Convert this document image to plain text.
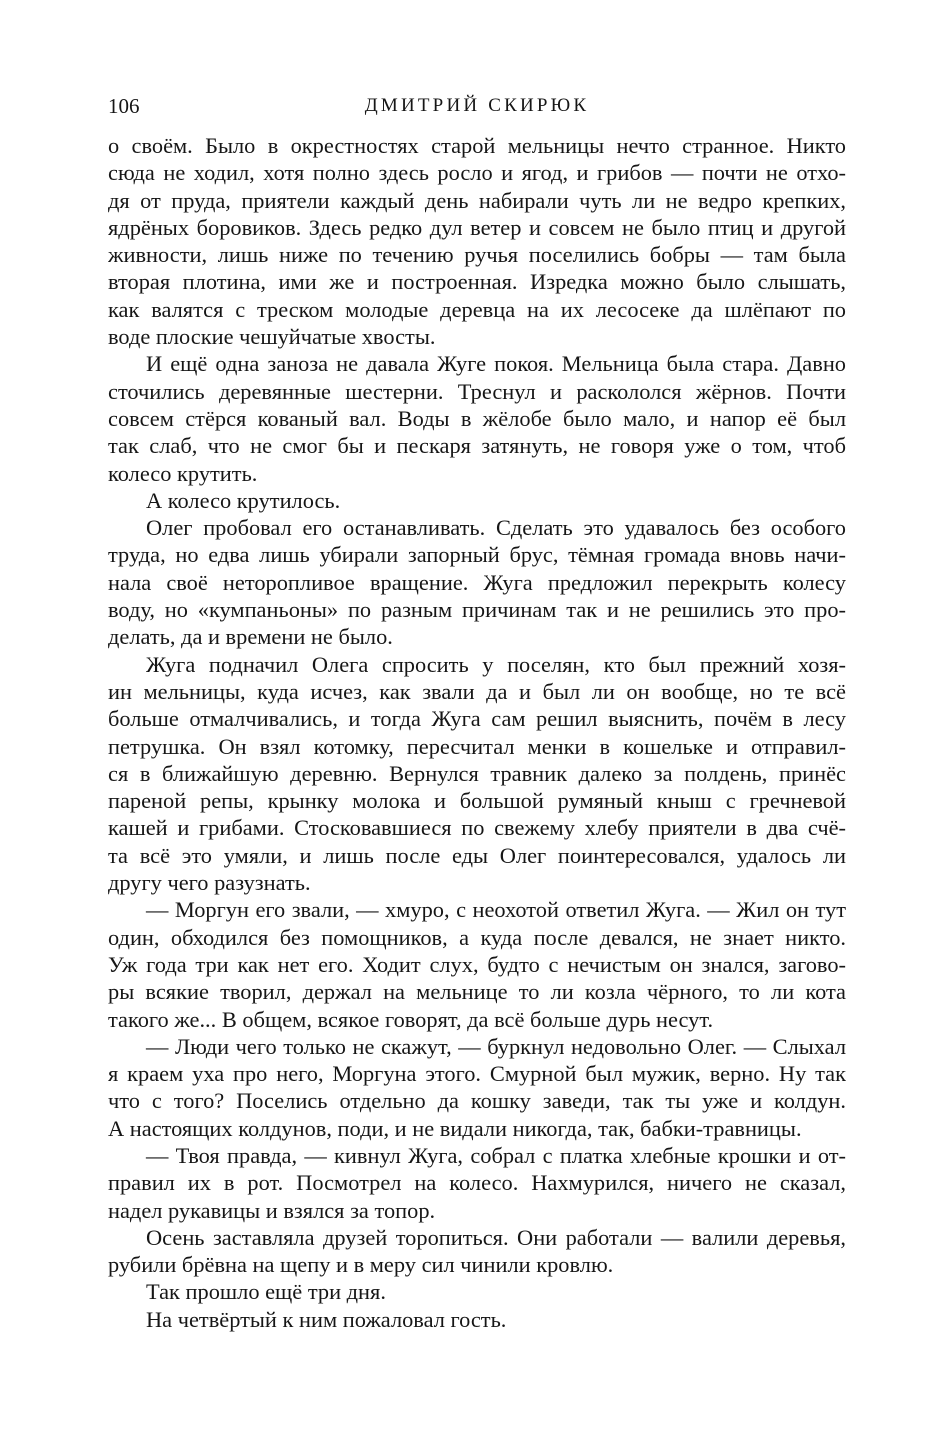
106	ДМИТРИЙ СКИРЮК
о своём. Было в окрестностях старой мельницы нечто странное. Никто
сюда не ходил, хотя полно здесь росло и ягод, и грибов — почти не отхо-
дя от пруда, приятели каждый день набирали чуть ли не ведро крепких,
ядрёных боровиков. Здесь редко дул ветер и совсем не было птиц и другой
живности, лишь ниже по течению ручья поселились бобры — там была
вторая плотина, ими же и построенная. Изредка можно было слышать,
как валятся с треском молодые деревца на их лесосеке да шлёпают по
воде плоские чешуйчатые хвосты.
И ещё одна заноза не давала Жуге покоя. Мельница была стара. Давно
сточились деревянные шестерни. Треснул и раскололся жёрнов. Почти
совсем стёрся кованый вал. Воды в жёлобе было мало, и напор её был
так слаб, что не смог бы и пескаря затянуть, не говоря уже о том, чтоб
колесо крутить.
А колесо крутилось.
Олег пробовал его останавливать. Сделать это удавалось без особого
труда, но едва лишь убирали запорный брус, тёмная громада вновь начи-
нала своё неторопливое вращение. Жуга предложил перекрыть колесу
воду, но «кумпаньоны» по разным причинам так и не решились это про-
делать, да и времени не было.
Жуга подначил Олега спросить у поселян, кто был прежний хозя-
ин мельницы, куда исчез, как звали да и был ли он вообще, но те всё
больше отмалчивались, и тогда Жуга сам решил выяснить, почём в лесу
петрушка. Он взял котомку, пересчитал менки в кошельке и отправил-
ся в ближайшую деревню. Вернулся травник далеко за полдень, принёс
пареной репы, крынку молока и большой румяный кныш с гречневой
кашей и грибами. Стосковавшиеся по свежему хлебу приятели в два счё-
та всё это умяли, и лишь после еды Олег поинтересовался, удалось ли
другу чего разузнать.
— Моргун его звали, — хмуро, с неохотой ответил Жуга. — Жил он тут
один, обходился без помощников, а куда после девался, не знает никто.
Уж года три как нет его. Ходит слух, будто с нечистым он знался, загово-
ры всякие творил, держал на мельнице то ли козла чёрного, то ли кота
такого же... В общем, всякое говорят, да всё больше дурь несут.
— Люди чего только не скажут, — буркнул недовольно Олег. — Слыхал
я краем уха про него, Моргуна этого. Смурной был мужик, верно. Ну так
что с того? Поселись отдельно да кошку заведи, так ты уже и колдун.
А настоящих колдунов, поди, и не видали никогда, так, бабки-травницы.
— Твоя правда, — кивнул Жуга, собрал с платка хлебные крошки и от-
правил их в рот. Посмотрел на колесо. Нахмурился, ничего не сказал,
надел рукавицы и взялся за топор.
Осень заставляла друзей торопиться. Они работали — валили деревья,
рубили брёвна на щепу и в меру сил чинили кровлю.
Так прошло ещё три дня.
На четвёртый к ним пожаловал гость.
